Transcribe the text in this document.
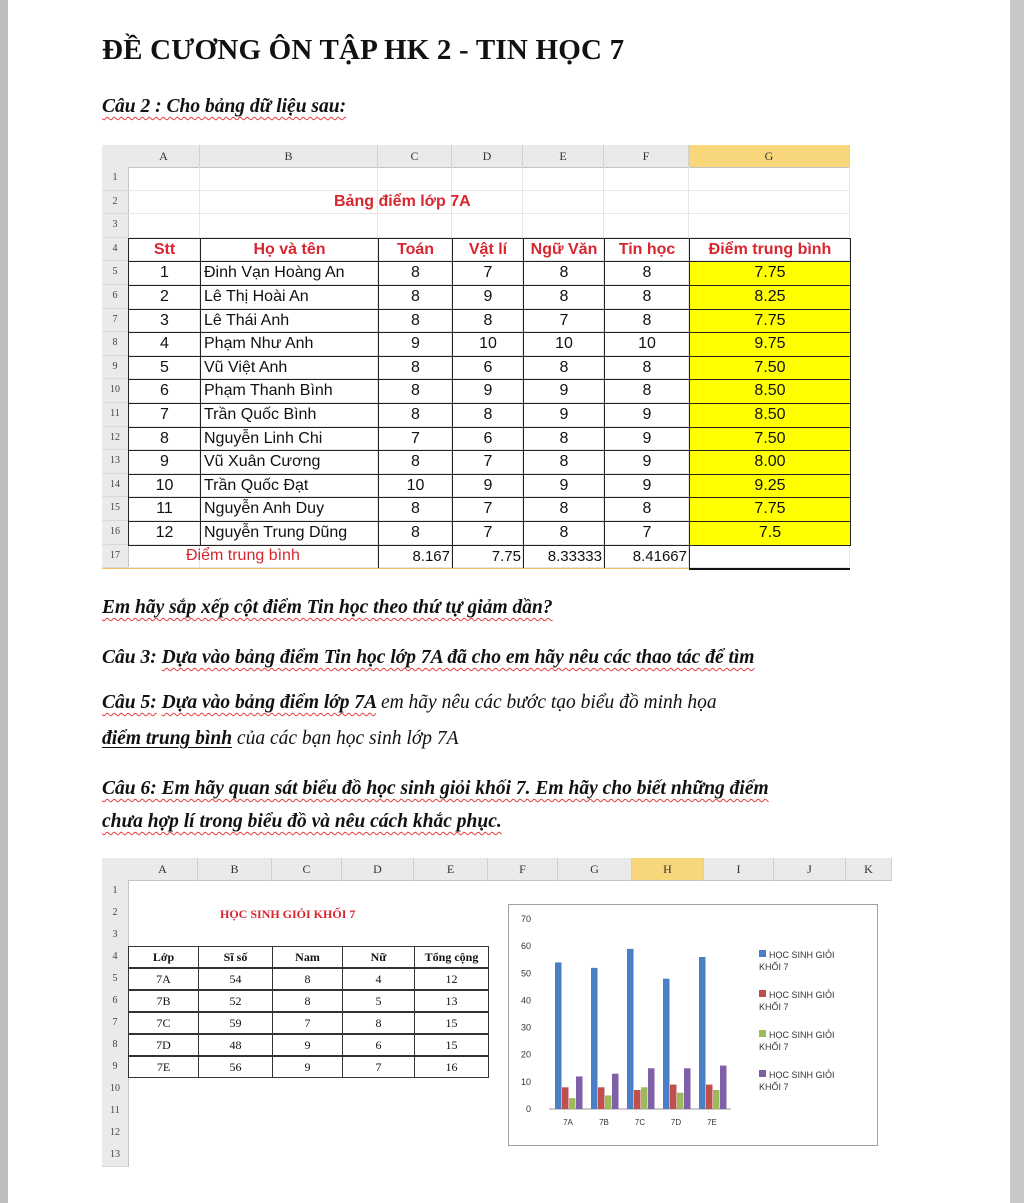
ĐỀ CƯƠNG ÔN TẬP HK 2 - TIN HỌC 7
Câu 2 : Cho bảng dữ liệu sau:
A	B	C	D	E	F	G
1
2
3
4
5
6
7
8
9
10
11
12
13
14
15
16
17
Bảng điểm lớp 7A
Stt	Họ và tên	Toán	Vật lí	Ngữ Văn	Tin học	Điểm trung bình
1	Đinh Vạn Hoàng An	8	7	8	8	7.75
2	Lê Thị Hoài An	8	9	8	8	8.25
3	Lê Thái Anh	8	8	7	8	7.75
4	Phạm Như Anh	9	10	10	10	9.75
5	Vũ Việt Anh	8	6	8	8	7.50
6	Phạm Thanh Bình	8	9	9	8	8.50
7	Trần Quốc Bình	8	8	9	9	8.50
8	Nguyễn Linh Chi	7	6	8	9	7.50
9	Vũ Xuân Cương	8	7	8	9	8.00
10	Trần Quốc Đạt	10	9	9	9	9.25
11	Nguyễn Anh Duy	8	7	8	8	7.75
12	Nguyễn Trung Dũng	8	7	8	7	7.5
Điểm trung bình	8.167	7.75	8.33333	8.41667
Em hãy sắp xếp cột điểm Tin học theo thứ tự giảm dần?
Câu 3: Dựa vào bảng điểm Tin học lớp 7A đã cho em hãy nêu các thao tác để tìm
Câu 5: Dựa vào bảng điểm lớp 7A em hãy nêu các bước tạo biểu đồ minh họa
điểm trung bình của các bạn học sinh lớp 7A
Câu 6: Em hãy quan sát biểu đồ học sinh giỏi khối 7. Em hãy cho biết những điểm
chưa hợp lí trong biểu đồ và nêu cách khắc phục.
0
10
20
30
40
50
60
70
7A	7B	7C	7D	7E
HỌC SINH GIỎI KHỐI 7
HỌC SINH GIỎI KHỐI 7
HỌC SINH GIỎI KHỐI 7
HỌC SINH GIỎI KHỐI 7
A	B	C	D	E	F	G	H	I	J	K
1
2
3
4
5
6
7
8
9
10
11
12
13
HỌC SINH GIỎI KHỐI 7
Lớp	Sĩ số	Nam	Nữ	Tổng cộng
7A	54	8	4	12
7B	52	8	5	13
7C	59	7	8	15
7D	48	9	6	15
7E	56	9	7	16
